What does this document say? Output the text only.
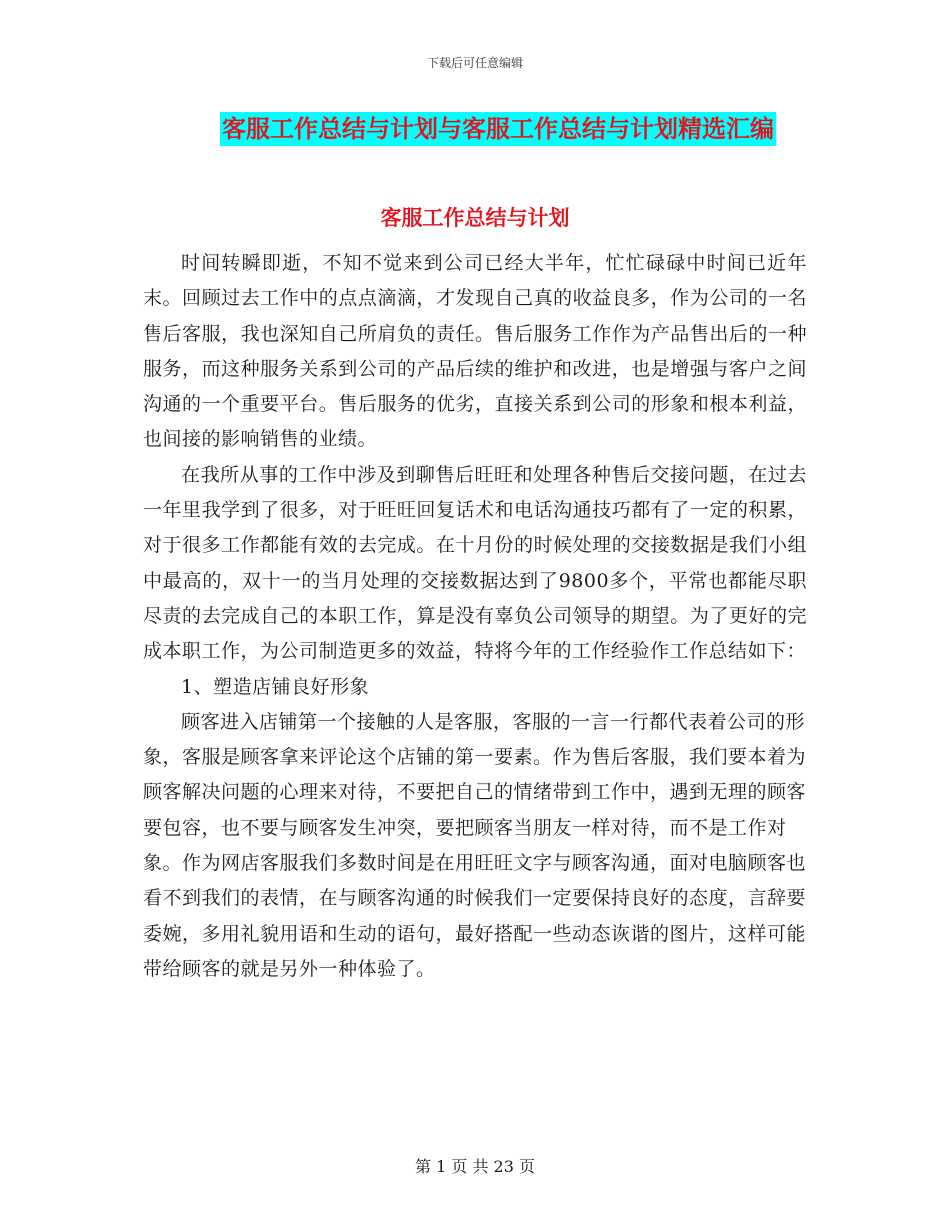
下载后可任意编辑
客服工作总结与计划与客服工作总结与计划精选汇编
客服工作总结与计划

时间转瞬即逝，不知不觉来到公司已经大半年，忙忙碌碌中时间已近年末。回顾过去工作中的点点滴滴，才发现自己真的收益良多，作为公司的一名售后客服，我也深知自己所肩负的责任。售后服务工作作为产品售出后的一种服务，而这种服务关系到公司的产品后续的维护和改进，也是增强与客户之间沟通的一个重要平台。售后服务的优劣，直接关系到公司的形象和根本利益，也间接的影响销售的业绩。

在我所从事的工作中涉及到聊售后旺旺和处理各种售后交接问题，在过去一年里我学到了很多，对于旺旺回复话术和电话沟通技巧都有了一定的积累，对于很多工作都能有效的去完成。在十月份的时候处理的交接数据是我们小组中最高的，双十一的当月处理的交接数据达到了9800多个，平常也都能尽职尽责的去完成自己的本职工作，算是没有辜负公司领导的期望。为了更好的完成本职工作，为公司制造更多的效益，特将今年的工作经验作工作总结如下：

1、塑造店铺良好形象

顾客进入店铺第一个接触的人是客服，客服的一言一行都代表着公司的形象，客服是顾客拿来评论这个店铺的第一要素。作为售后客服，我们要本着为顾客解决问题的心理来对待，不要把自己的情绪带到工作中，遇到无理的顾客要包容，也不要与顾客发生冲突，要把顾客当朋友一样对待，而不是工作对象。作为网店客服我们多数时间是在用旺旺文字与顾客沟通，面对电脑顾客也看不到我们的表情，在与顾客沟通的时候我们一定要保持良好的态度，言辞要委婉，多用礼貌用语和生动的语句，最好搭配一些动态诙谐的图片，这样可能带给顾客的就是另外一种体验了。

第 1 页 共 23 页
